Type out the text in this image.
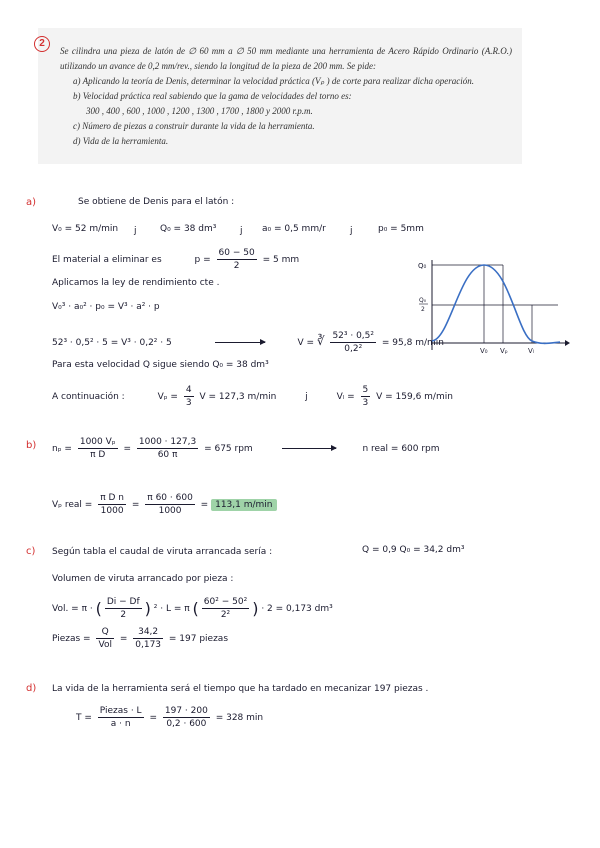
2
Se cilindra una pieza de latón de ∅ 60 mm a ∅ 50 mm mediante una herramienta de Acero Rápido Ordinario (A.R.O.) utilizando un avance de 0,2 mm/rev., siendo la longitud de la pieza de 200 mm. Se pide:
a) Aplicando la teoría de Denis, determinar la velocidad práctica (Vₚ ) de corte para realizar dicha operación.
b) Velocidad práctica real sabiendo que la gama de velocidades del torno es:
300 , 400 , 600 , 1000 , 1200 , 1300 , 1700 , 1800 y 2000 r.p.m.
c) Número de piezas a construir durante la vida de la herramienta.
d) Vida de la herramienta.
a)	Se obtiene de Denis para el latón :
V₀ = 52 m/min j	Q₀ = 38 dm³	j a₀ = 0,5 mm/r	j	p₀ = 5mm
El material a eliminar es	$p = \frac{60 - 50}{2} = 5$ mm
Aplicamos la ley de rendimiento cte .
V₀³ · a₀² · p₀ = V³ · a² · p
52³ · 0,5² · 5 = V³ · 0,2² · 5	V = ∛ $\frac{\text{52³ · 0,5²}}{\text{0,2²}} = 95,8$ m/min
Para esta velocidad Q sigue siendo Q₀ = 38 dm³
A continuación :	$V_p = \frac{4}{3}$ V = 127,3 m/min	j	$V_l = \frac{5}{3}$ V = 159,6 m/min
Q₀
Q₀
2
V₀ Vₚ	Vₗ
b) $n_p = \frac{\text{1000 Vₚ}}{\text{π D}} = \frac{1000 \cdot 127,3}{60 \pi} = 675$ rpm	n real = 600 rpm
Vₚ real = $\frac{\text{π D n}}{1000} = \frac{\pi 60 \cdot 600}{1000} = 113,1$ m/min
c) Según tabla el caudal de viruta arrancada sería :	Q = 0,9 Q₀ = 34,2 dm³
Volumen de viruta arrancado por pieza :
Vol. = π · ( $\frac{Di - Df}{2}$ ) ² · L = π ( $\frac{\text{60² − 50²}}{\text{2²}}$ ) · 2 = 0,173 dm³
Piezas = $\frac{Q}{\text{Vol}} = \frac{34,2}{0,173} = 197$ piezas
d) La vida de la herramienta será el tiempo que ha tardado en mecanizar 197 piezas .
$T = \frac{\text{Piezas · L}}{a \cdot n} = \frac{197 \cdot 200}{0,2 \cdot 600} = 328$ min
